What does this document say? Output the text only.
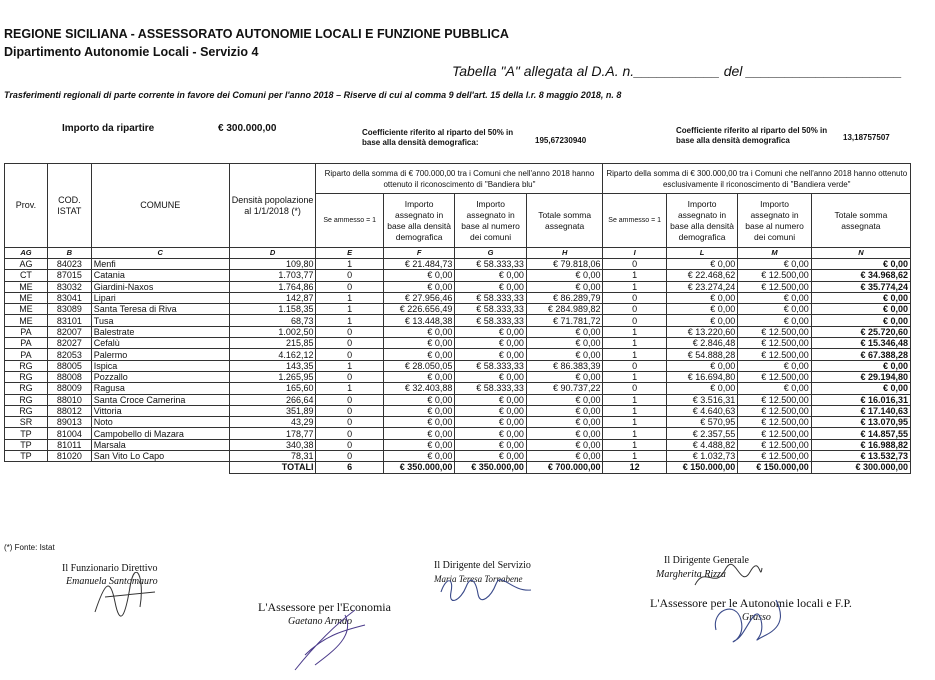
REGIONE SICILIANA - ASSESSORATO AUTONOMIE LOCALI E FUNZIONE PUBBLICA
Dipartimento Autonomie Locali - Servizio 4
Tabella "A" allegata al D.A. n.___________ del ____________________
Trasferimenti regionali di parte corrente in favore dei Comuni per l'anno 2018 – Riserve di cui al comma 9 dell'art. 15 della l.r. 8 maggio 2018, n. 8
Importo da ripartire	€ 300.000,00	Coefficiente riferito al riparto del 50% in base alla densità demografica:	195,67230940
Coefficiente riferito al riparto del 50% in base alla densità demografica	13,18757507
Prov.	COD. ISTAT	COMUNE	Densità popolazione al 1/1/2018 (*)	Riparto della somma di € 700.000,00 tra i Comuni che nell'anno 2018 hanno ottenuto il riconoscimento di "Bandiera blu"				Riparto della somma di € 300.000,00 tra i Comuni che nell'anno 2018 hanno ottenuto esclusivamente il riconoscimento di "Bandiera verde"			
				Se ammesso = 1	Importo assegnato in base alla densità demografica	Importo assegnato in base al numero dei comuni	Totale somma assegnata	Se ammesso = 1	Importo assegnato in base alla densità demografica	Importo assegnato in base al numero dei comuni	Totale somma assegnata
AG	B	C	D	E	F	G	H	I	L	M	N
AG	84023	Menfi	109,80	1	€ 21.484,73	€ 58.333,33	€ 79.818,06	0	€ 0,00	€ 0,00	€ 0,00
CT	87015	Catania	1.703,77	0	€ 0,00	€ 0,00	€ 0,00	1	€ 22.468,62	€ 12.500,00	€ 34.968,62
ME	83032	Giardini-Naxos	1.764,86	0	€ 0,00	€ 0,00	€ 0,00	1	€ 23.274,24	€ 12.500,00	€ 35.774,24
ME	83041	Lipari	142,87	1	€ 27.956,46	€ 58.333,33	€ 86.289,79	0	€ 0,00	€ 0,00	€ 0,00
ME	83089	Santa Teresa di Riva	1.158,35	1	€ 226.656,49	€ 58.333,33	€ 284.989,82	0	€ 0,00	€ 0,00	€ 0,00
ME	83101	Tusa	68,73	1	€ 13.448,38	€ 58.333,33	€ 71.781,72	0	€ 0,00	€ 0,00	€ 0,00
PA	82007	Balestrate	1.002,50	0	€ 0,00	€ 0,00	€ 0,00	1	€ 13.220,60	€ 12.500,00	€ 25.720,60
PA	82027	Cefalù	215,85	0	€ 0,00	€ 0,00	€ 0,00	1	€ 2.846,48	€ 12.500,00	€ 15.346,48
PA	82053	Palermo	4.162,12	0	€ 0,00	€ 0,00	€ 0,00	1	€ 54.888,28	€ 12.500,00	€ 67.388,28
RG	88005	Ispica	143,35	1	€ 28.050,05	€ 58.333,33	€ 86.383,39	0	€ 0,00	€ 0,00	€ 0,00
RG	88008	Pozzallo	1.265,95	0	€ 0,00	€ 0,00	€ 0,00	1	€ 16.694,80	€ 12.500,00	€ 29.194,80
RG	88009	Ragusa	165,60	1	€ 32.403,88	€ 58.333,33	€ 90.737,22	0	€ 0,00	€ 0,00	€ 0,00
RG	88010	Santa Croce Camerina	266,64	0	€ 0,00	€ 0,00	€ 0,00	1	€ 3.516,31	€ 12.500,00	€ 16.016,31
RG	88012	Vittoria	351,89	0	€ 0,00	€ 0,00	€ 0,00	1	€ 4.640,63	€ 12.500,00	€ 17.140,63
SR	89013	Noto	43,29	0	€ 0,00	€ 0,00	€ 0,00	1	€ 570,95	€ 12.500,00	€ 13.070,95
TP	81004	Campobello di Mazara	178,77	0	€ 0,00	€ 0,00	€ 0,00	1	€ 2.357,55	€ 12.500,00	€ 14.857,55
TP	81011	Marsala	340,38	0	€ 0,00	€ 0,00	€ 0,00	1	€ 4.488,82	€ 12.500,00	€ 16.988,82
TP	81020	San Vito Lo Capo	78,31	0	€ 0,00	€ 0,00	€ 0,00	1	€ 1.032,73	€ 12.500,00	€ 13.532,73
			TOTALI	6	€ 350.000,00	€ 350.000,00	€ 700.000,00	12	€ 150.000,00	€ 150.000,00	€ 300.000,00
(*) Fonte: Istat
Il Funzionario Direttivo
Emanuela Santomauro
Il Dirigente del Servizio
Maria Teresa Tornabene
Il Dirigente Generale
Margherita Rizza
L'Assessore per l'Economia
Gaetano Armao
L'Assessore per le Autonomie locali e F.P.
Grasso
